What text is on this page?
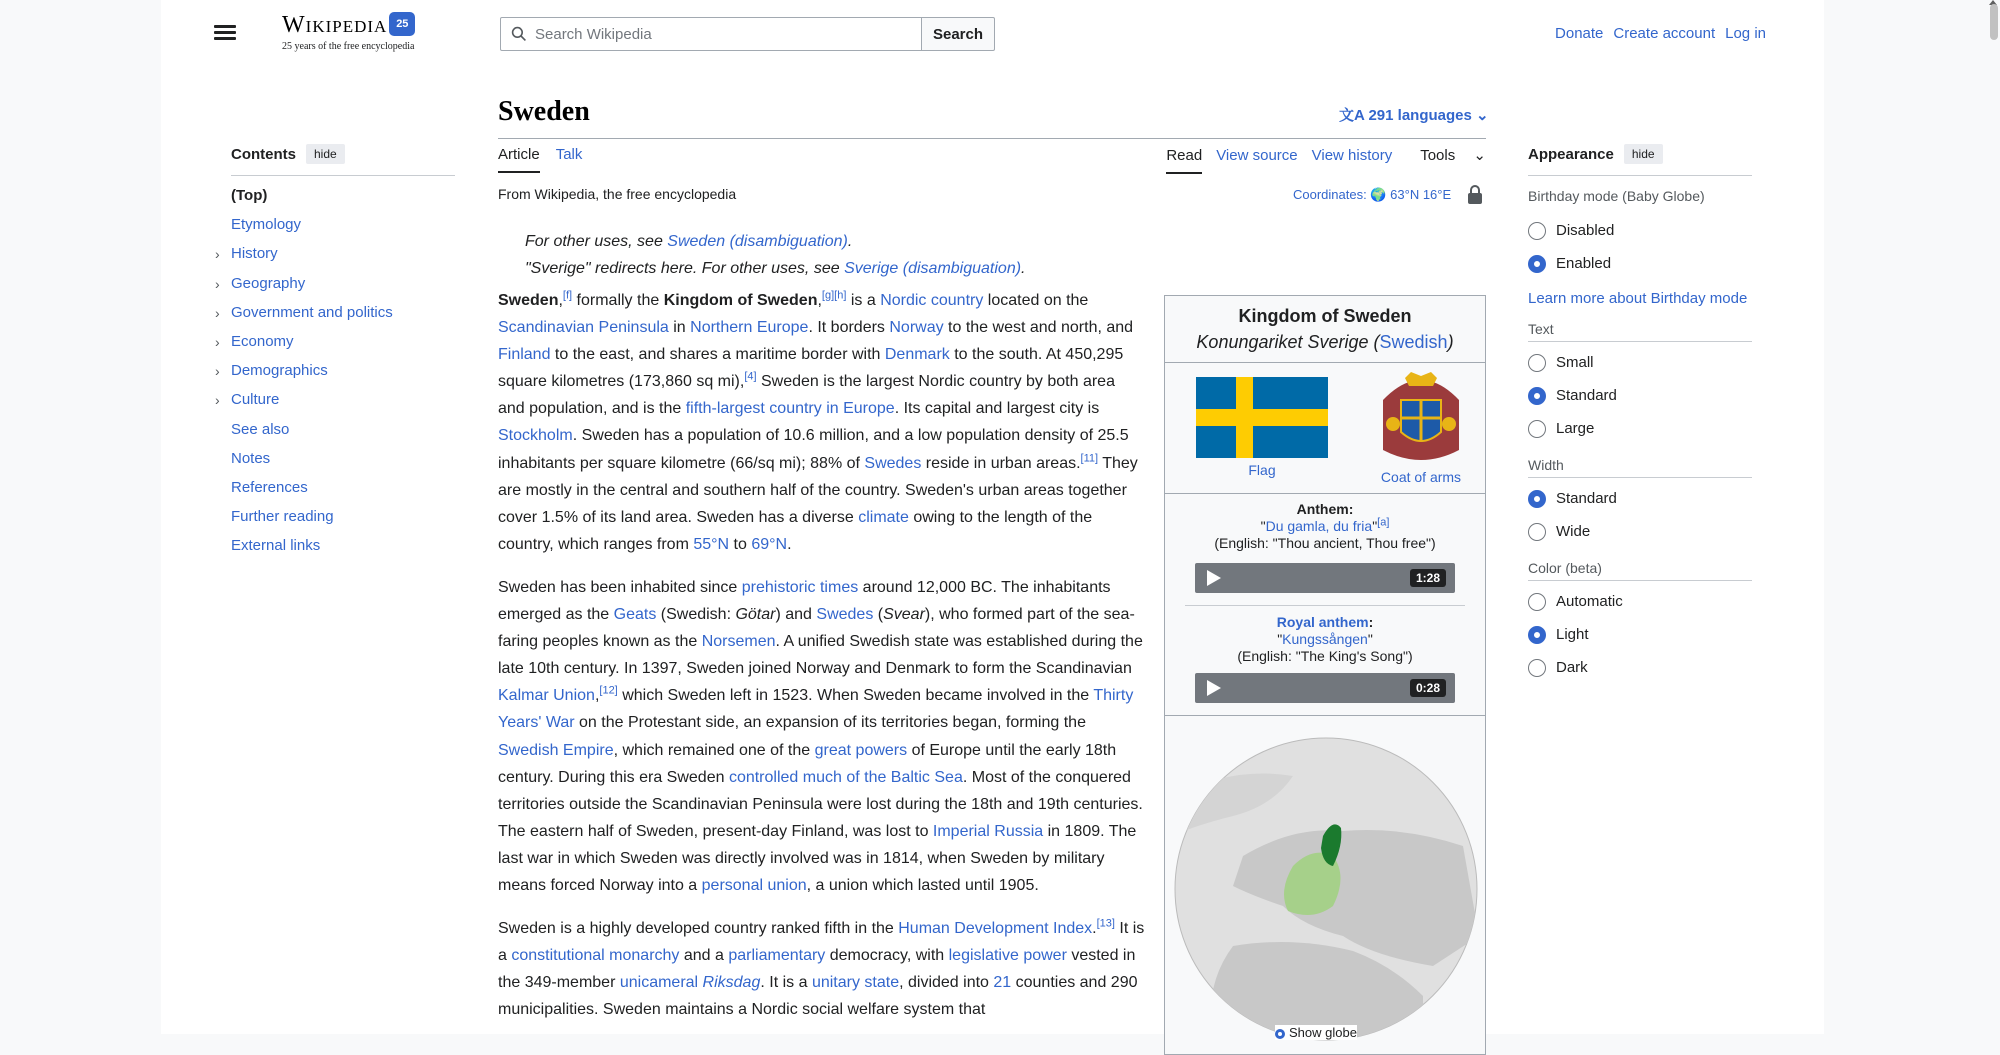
Wikipedia 25
25 years of the free encyclopedia
Search Wikipedia
Search	Donate Create account Log in
Contents	hide
(Top)
Etymology
› History
› Geography
› Government and politics
› Economy
› Demographics
› Culture
See also
Notes
References
Further reading
External links
Sweden	文A 291 languages ⌄
Article Talk	Read View source View history Tools ⌄
From Wikipedia, the free encyclopedia	Coordinates: 🌍 63°N 16°E
For other uses, see Sweden (disambiguation).
"Sverige" redirects here. For other uses, see Sverige (disambiguation).

Sweden,[f] formally the Kingdom of Sweden,[g][h] is a Nordic country located on the Scandinavian Peninsula in Northern Europe. It borders Norway to the west and north, and Finland to the east, and shares a maritime border with Denmark to the south. At 450,295 square kilometres (173,860 sq mi),[4] Sweden is the largest Nordic country by both area and population, and is the fifth-largest country in Europe. Its capital and largest city is Stockholm. Sweden has a population of 10.6 million, and a low population density of 25.5 inhabitants per square kilometre (66/sq mi); 88% of Swedes reside in urban areas.[11] They are mostly in the central and southern half of the country. Sweden's urban areas together cover 1.5% of its land area. Sweden has a diverse climate owing to the length of the country, which ranges from 55°N to 69°N.

Sweden has been inhabited since prehistoric times around 12,000 BC. The inhabitants emerged as the Geats (Swedish: Götar) and Swedes (Svear), who formed part of the sea-faring peoples known as the Norsemen. A unified Swedish state was established during the late 10th century. In 1397, Sweden joined Norway and Denmark to form the Scandinavian Kalmar Union,[12] which Sweden left in 1523. When Sweden became involved in the Thirty Years' War on the Protestant side, an expansion of its territories began, forming the Swedish Empire, which remained one of the great powers of Europe until the early 18th century. During this era Sweden controlled much of the Baltic Sea. Most of the conquered territories outside the Scandinavian Peninsula were lost during the 18th and 19th centuries. The eastern half of Sweden, present-day Finland, was lost to Imperial Russia in 1809. The last war in which Sweden was directly involved was in 1814, when Sweden by military means forced Norway into a personal union, a union which lasted until 1905.

Sweden is a highly developed country ranked fifth in the Human Development Index.[13] It is a constitutional monarchy and a parliamentary democracy, with legislative power vested in the 349-member unicameral Riksdag. It is a unitary state, divided into 21 counties and 290 municipalities. Sweden maintains a Nordic social welfare system that

Kingdom of Sweden
Konungariket Sverige (Swedish)
Flag	Coat of arms
Anthem:
"Du gamla, du fria"[a]
(English: "Thou ancient, Thou free")
1:28
Royal anthem:
"Kungssången"
(English: "The King's Song")
0:28
Show globe
Appearance	hide
Birthday mode (Baby Globe)
Disabled
Enabled
Learn more about Birthday mode
Text
Small
Standard
Large
Width
Standard
Wide
Color (beta)
Automatic
Light
Dark
